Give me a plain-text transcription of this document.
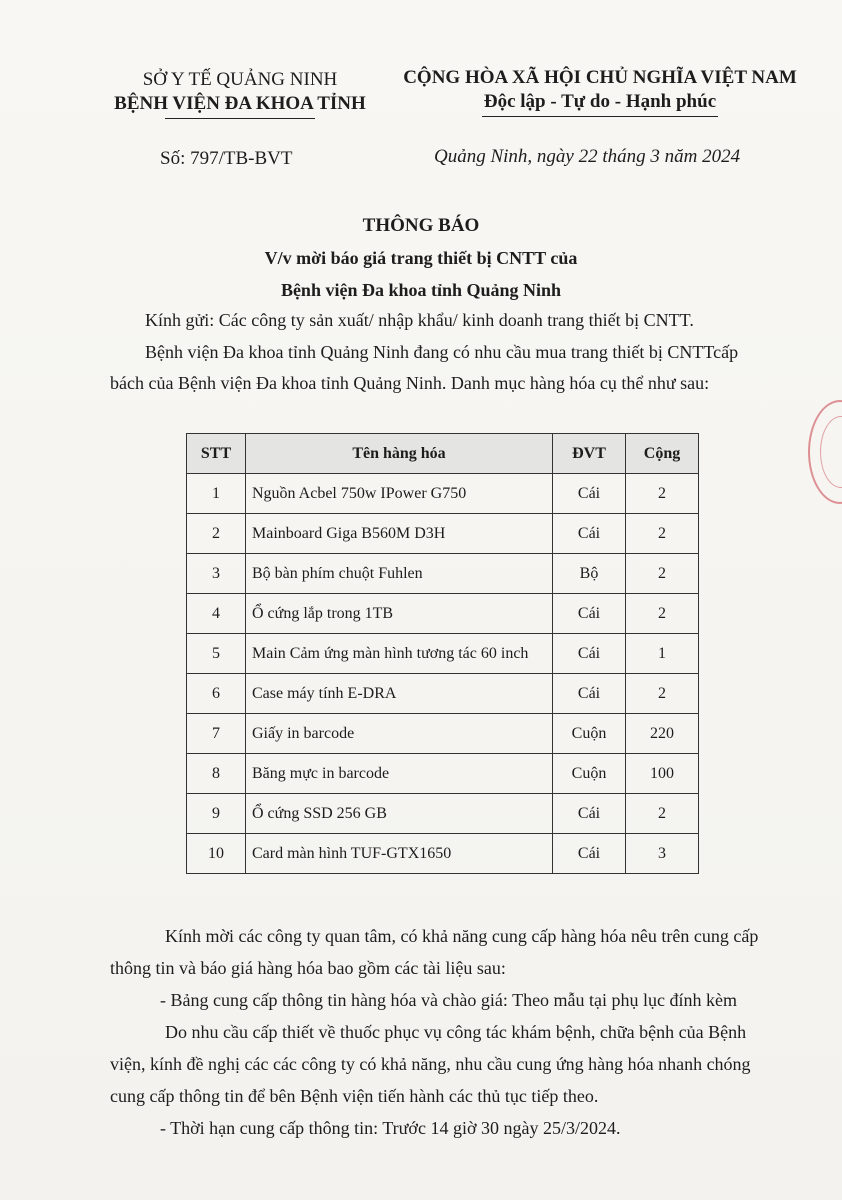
SỞ Y TẾ QUẢNG NINH
BỆNH VIỆN ĐA KHOA TỈNH
CỘNG HÒA XÃ HỘI CHỦ NGHĨA VIỆT NAM
Độc lập - Tự do - Hạnh phúc
Số: 797/TB-BVT	Quảng Ninh, ngày 22 tháng 3 năm 2024
THÔNG BÁO
V/v mời báo giá trang thiết bị CNTT của
Bệnh viện Đa khoa tỉnh Quảng Ninh
Kính gửi: Các công ty sản xuất/ nhập khẩu/ kinh doanh trang thiết bị CNTT.
Bệnh viện Đa khoa tỉnh Quảng Ninh đang có nhu cầu mua trang thiết bị CNTTcấp bách của Bệnh viện Đa khoa tỉnh Quảng Ninh. Danh mục hàng hóa cụ thể như sau:
STT	Tên hàng hóa	ĐVT	Cộng
1	Nguồn Acbel 750w IPower G750	Cái	2
2	Mainboard Giga B560M D3H	Cái	2
3	Bộ bàn phím chuột Fuhlen	Bộ	2
4	Ổ cứng lắp trong 1TB	Cái	2
5	Main Cảm ứng màn hình tương tác 60 inch	Cái	1
6	Case máy tính E-DRA	Cái	2
7	Giấy in barcode	Cuộn	220
8	Băng mực in barcode	Cuộn	100
9	Ổ cứng SSD 256 GB	Cái	2
10	Card màn hình TUF-GTX1650	Cái	3

Kính mời các công ty quan tâm, có khả năng cung cấp hàng hóa nêu trên cung cấp thông tin và báo giá hàng hóa bao gồm các tài liệu sau:

- Bảng cung cấp thông tin hàng hóa và chào giá: Theo mẫu tại phụ lục đính kèm

Do nhu cầu cấp thiết về thuốc phục vụ công tác khám bệnh, chữa bệnh của Bệnh viện, kính đề nghị các các công ty có khả năng, nhu cầu cung ứng hàng hóa nhanh chóng cung cấp thông tin để bên Bệnh viện tiến hành các thủ tục tiếp theo.

- Thời hạn cung cấp thông tin: Trước 14 giờ 30 ngày 25/3/2024.
